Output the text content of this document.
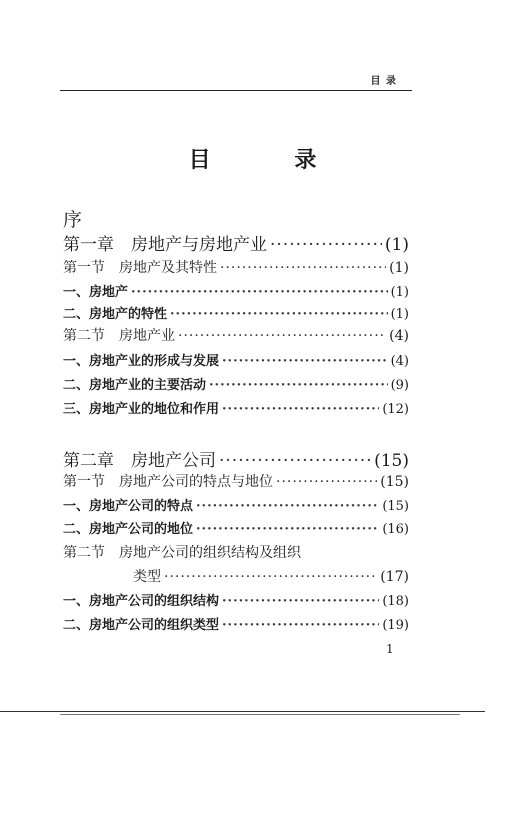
目 录
目 录
序
第一章　房地产与房地产业 ·····	(1)
第一节　房地产及其特性 ·····	(1)
一、房地产 ·····	(1)
二、房地产的特性 ·····	(1)
第二节　房地产业 ·····	(4)
一、房地产业的形成与发展 ·····	(4)
二、房地产业的主要活动 ·····	(9)
三、房地产业的地位和作用 ·····	(12)
第二章　房地产公司 ·····	(15)
第一节　房地产公司的特点与地位 ·····	(15)
一、房地产公司的特点 ·····	(15)
二、房地产公司的地位 ·····	(16)
第二节　房地产公司的组织结构及组织
类型 ·····	(17)
一、房地产公司的组织结构 ·····	(18)
二、房地产公司的组织类型 ·····	(19)
1
